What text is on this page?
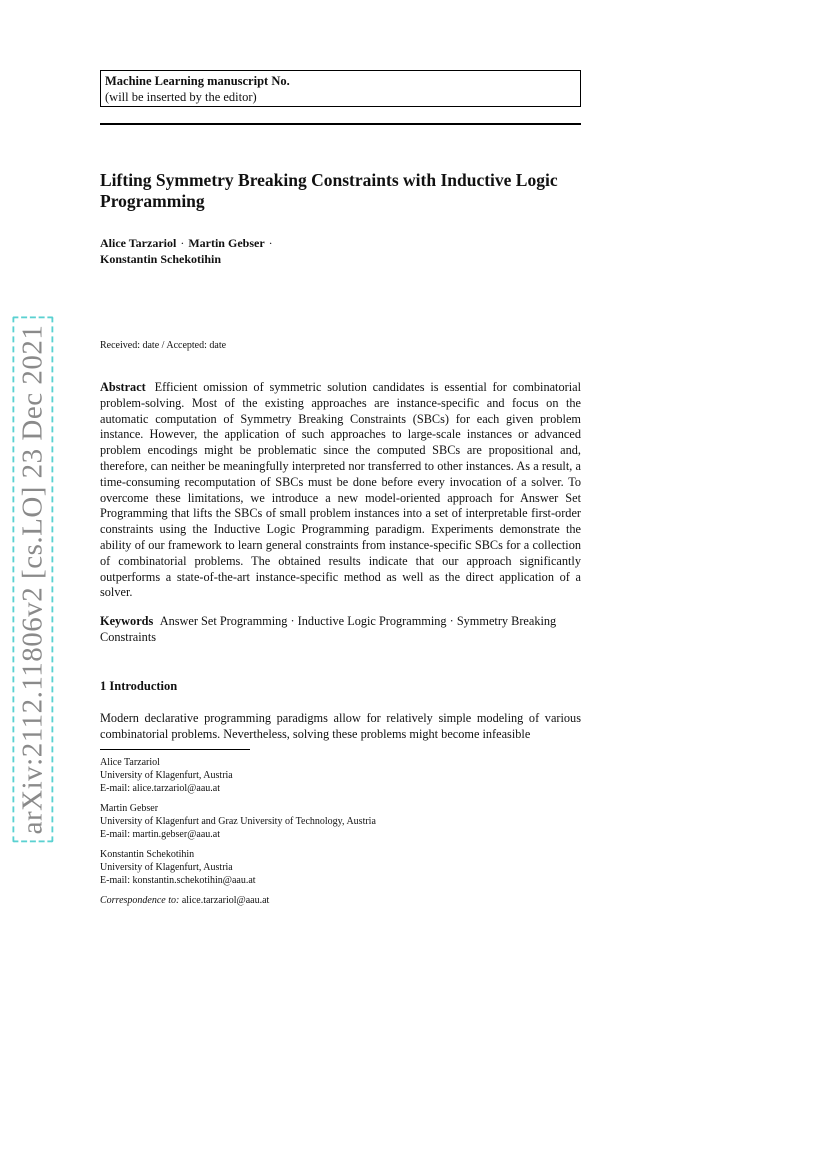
arXiv:2112.11806v2 [cs.LO] 23 Dec 2021
Machine Learning manuscript No.
(will be inserted by the editor)
Lifting Symmetry Breaking Constraints with Inductive Logic Programming
Alice Tarzariol · Martin Gebser ·
Konstantin Schekotihin
Received: date / Accepted: date
Abstract Efficient omission of symmetric solution candidates is essential for combinatorial problem-solving. Most of the existing approaches are instance-specific and focus on the automatic computation of Symmetry Breaking Constraints (SBCs) for each given problem instance. However, the application of such approaches to large-scale instances or advanced problem encodings might be problematic since the computed SBCs are propositional and, therefore, can neither be meaningfully interpreted nor transferred to other instances. As a result, a time-consuming recomputation of SBCs must be done before every invocation of a solver. To overcome these limitations, we introduce a new model-oriented approach for Answer Set Programming that lifts the SBCs of small problem instances into a set of interpretable first-order constraints using the Inductive Logic Programming paradigm. Experiments demonstrate the ability of our framework to learn general constraints from instance-specific SBCs for a collection of combinatorial problems. The obtained results indicate that our approach significantly outperforms a state-of-the-art instance-specific method as well as the direct application of a solver.
Keywords Answer Set Programming · Inductive Logic Programming · Symmetry Breaking Constraints
1 Introduction
Modern declarative programming paradigms allow for relatively simple modeling of various combinatorial problems. Nevertheless, solving these problems might become infeasible
Alice Tarzariol
University of Klagenfurt, Austria
E-mail: alice.tarzariol@aau.at
Martin Gebser
University of Klagenfurt and Graz University of Technology, Austria
E-mail: martin.gebser@aau.at
Konstantin Schekotihin
University of Klagenfurt, Austria
E-mail: konstantin.schekotihin@aau.at
Correspondence to: alice.tarzariol@aau.at
